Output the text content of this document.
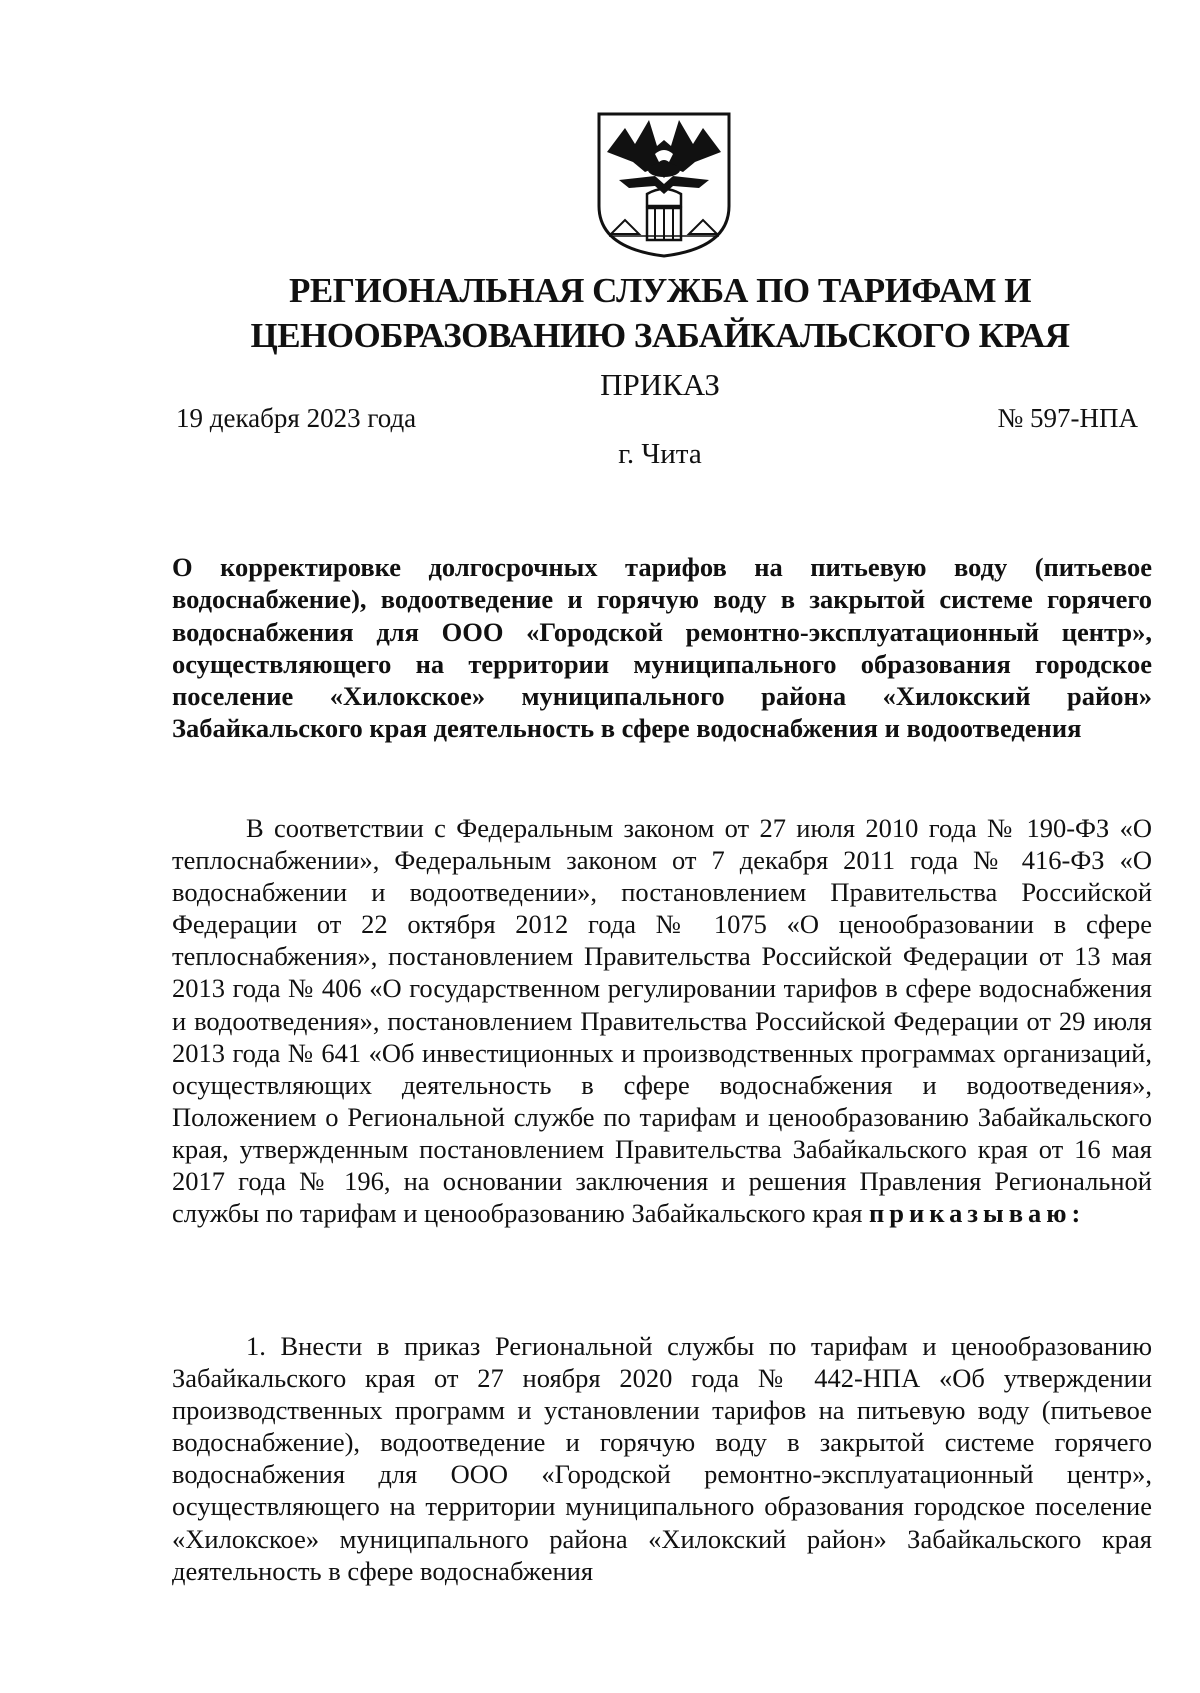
РЕГИОНАЛЬНАЯ СЛУЖБА ПО ТАРИФАМ И
ЦЕНООБРАЗОВАНИЮ ЗАБАЙКАЛЬСКОГО КРАЯ
ПРИКАЗ
19 декабря 2023 года	№ 597-НПА
г. Чита
О корректировке долгосрочных тарифов на питьевую воду (питьевое водоснабжение), водоотведение и горячую воду в закрытой системе горячего водоснабжения для ООО «Городской ремонтно-эксплуатационный центр», осуществляющего на территории муниципального образования городское поселение «Хилокское» муниципального района «Хилокский район» Забайкальского края деятельность в сфере водоснабжения и водоотведения

В соответствии с Федеральным законом от 27 июля 2010 года № 190-ФЗ «О теплоснабжении», Федеральным законом от 7 декабря 2011 года № 416-ФЗ «О водоснабжении и водоотведении», постановлением Правительства Российской Федерации от 22 октября 2012 года № 1075 «О ценообразовании в сфере теплоснабжения», постановлением Правительства Российской Федерации от 13 мая 2013 года № 406 «О государственном регулировании тарифов в сфере водоснабжения и водоотведения», постановлением Правительства Российской Федерации от 29 июля 2013 года № 641 «Об инвестиционных и производственных программах организаций, осуществляющих деятельность в сфере водоснабжения и водоотведения», Положением о Региональной службе по тарифам и ценообразованию Забайкальского края, утвержденным постановлением Правительства Забайкальского края от 16 мая 2017 года № 196, на основании заключения и решения Правления Региональной службы по тарифам и ценообразованию Забайкальского края приказываю:

1. Внести в приказ Региональной службы по тарифам и ценообразованию Забайкальского края от 27 ноября 2020 года № 442-НПА «Об утверждении производственных программ и установлении тарифов на питьевую воду (питьевое водоснабжение), водоотведение и горячую воду в закрытой системе горячего водоснабжения для ООО «Городской ремонтно-эксплуатационный центр», осуществляющего на территории муниципального образования городское поселение «Хилокское» муниципального района «Хилокский район» Забайкальского края деятельность в сфере водоснабжения
